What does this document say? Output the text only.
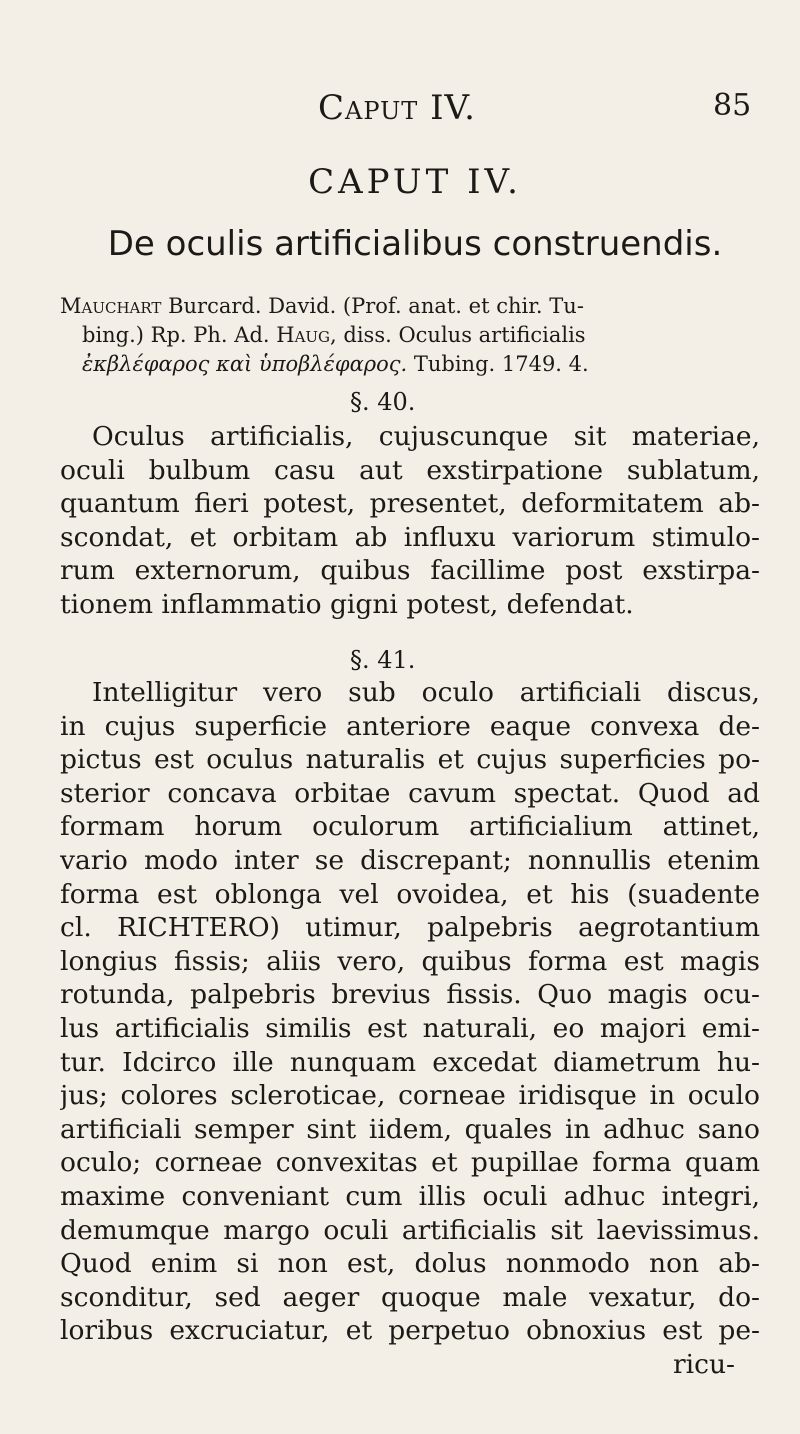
Caput IV.	85
CAPUT IV.
De oculis artificialibus construendis.
Mauchart Burcard. David. (Prof. anat. et chir. Tu-
bing.) Rp. Ph. Ad. Haug, diss. Oculus artificialis
ἐκβλέφαρος καὶ ὑποβλέφαρος. Tubing. 1749. 4.
§. 40.
Oculus artificialis, cujuscunque sit materiae,
oculi bulbum casu aut exstirpatione sublatum,
quantum fieri potest, presentet, deformitatem ab-
scondat, et orbitam ab influxu variorum stimulo-
rum externorum, quibus facillime post exstirpa-
tionem inflammatio gigni potest, defendat.
§. 41.
Intelligitur vero sub oculo artificiali discus,
in cujus superficie anteriore eaque convexa de-
pictus est oculus naturalis et cujus superficies po-
sterior concava orbitae cavum spectat. Quod ad
formam horum oculorum artificialium attinet,
vario modo inter se discrepant; nonnullis etenim
forma est oblonga vel ovoidea, et his (suadente
cl. RICHTERO) utimur, palpebris aegrotantium
longius fissis; aliis vero, quibus forma est magis
rotunda, palpebris brevius fissis. Quo magis ocu-
lus artificialis similis est naturali, eo majori emi-
tur. Idcirco ille nunquam excedat diametrum hu-
jus; colores scleroticae, corneae iridisque in oculo
artificiali semper sint iidem, quales in adhuc sano
oculo; corneae convexitas et pupillae forma quam
maxime conveniant cum illis oculi adhuc integri,
demumque margo oculi artificialis sit laevissimus.
Quod enim si non est, dolus nonmodo non ab-
sconditur, sed aeger quoque male vexatur, do-
loribus excruciatur, et perpetuo obnoxius est pe-
ricu-
